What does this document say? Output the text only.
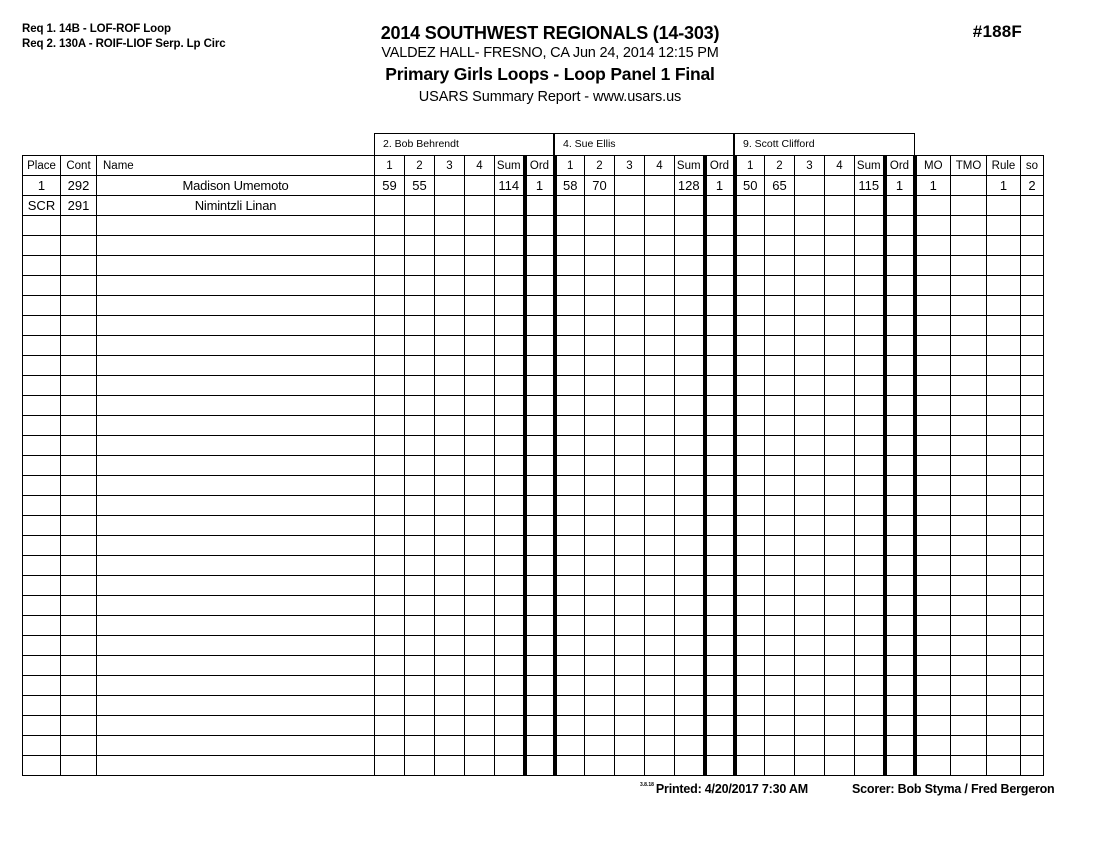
Req 1. 14B - LOF-ROF Loop
Req 2. 130A - ROIF-LIOF Serp. Lp Circ
2014 SOUTHWEST REGIONALS (14-303)
VALDEZ HALL- FRESNO, CA Jun 24, 2014 12:15 PM
Primary Girls Loops - Loop Panel 1 Final
USARS Summary Report - www.usars.us
#188F
2. Bob Behrendt	4. Sue Ellis	9. Scott Clifford
Place	Cont	Name	1	2	3	4	Sum	Ord	1	2	3	4	Sum	Ord	1	2	3	4	Sum	Ord	MO	TMO	Rule	so
1	292	Madison Umemoto	59	55			114	1	58	70			128	1	50	65			115	1	1		1	2
SCR	291	Nimintzli Linan																						

$^{3.8.18}$ Printed: 4/20/2017 7:30 AM	Scorer: Bob Styma / Fred Bergeron
